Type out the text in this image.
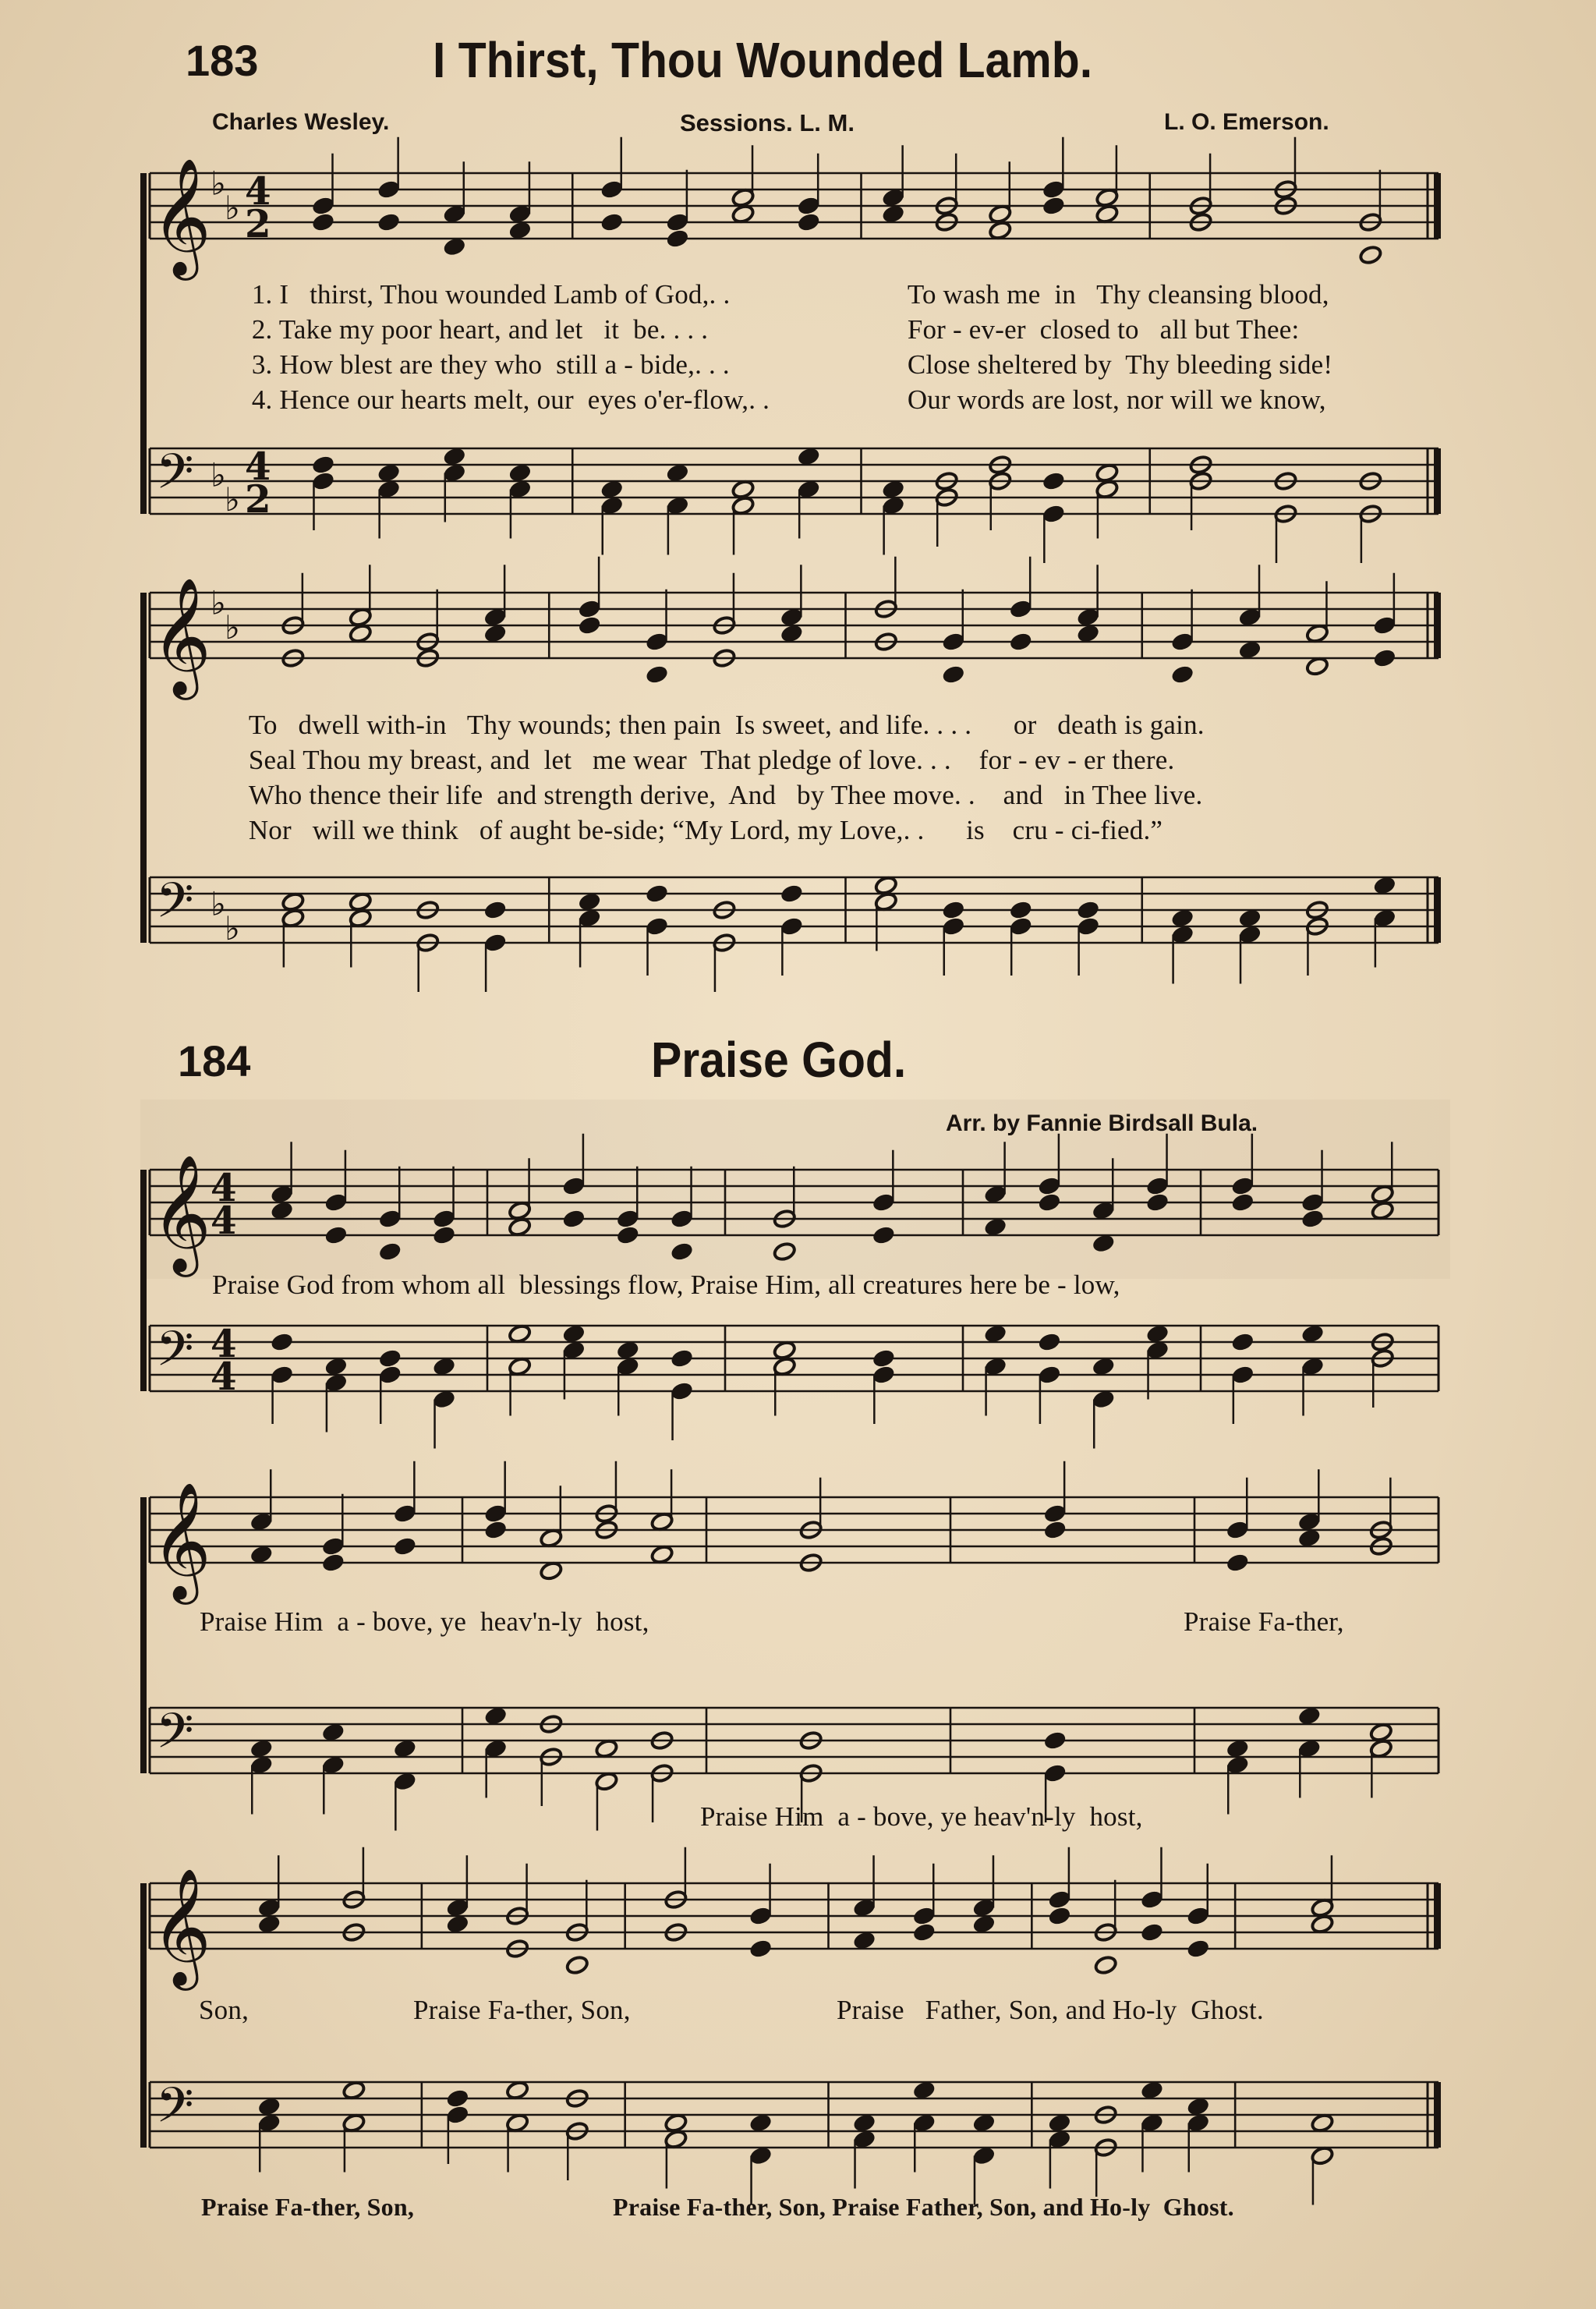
183	I Thirst, Thou Wounded Lamb.
Charles Wesley.	Sessions. L. M.	L. O. Emerson.
𝄞
𝄢
♭
♭
♭
♭
4
2
4
2

1. I   thirst, Thou wounded Lamb of God,. .

2. Take my poor heart, and let   it  be. . . .

3. How blest are they who  still a - bide,. . .

4. Hence our hearts melt, our  eyes o'er-flow,. .

To wash me  in   Thy cleansing blood,

For - ev-er  closed to   all but Thee:

Close sheltered by  Thy bleeding side!

Our words are lost, nor will we know,

𝄞
𝄢
♭
♭
♭
♭

To   dwell with-in   Thy wounds; then pain  Is sweet, and life. . . .      or   death is gain.

Seal Thou my breast, and  let   me wear  That pledge of love. . .    for - ev - er there.

Who thence their life  and strength derive,  And   by Thee move. .    and   in Thee live.

Nor   will we think   of aught be-side; “My Lord, my Love,. .      is    cru - ci-fied.”

184	Praise God.
Arr. by Fannie Birdsall Bula.
𝄞
𝄢
4
4
4
4
Praise God from whom all  blessings flow, Praise Him, all creatures here be - low,
𝄞
𝄢
Praise Him  a - bove, ye  heav'n-ly  host,	Praise Fa-ther,
Praise Him  a - bove, ye heav'n-ly  host,
𝄞
𝄢
Son,	Praise Fa-ther, Son,	Praise   Father, Son, and Ho-ly  Ghost.
Praise Fa-ther, Son,	Praise Fa-ther, Son, Praise Father, Son, and Ho-ly  Ghost.
